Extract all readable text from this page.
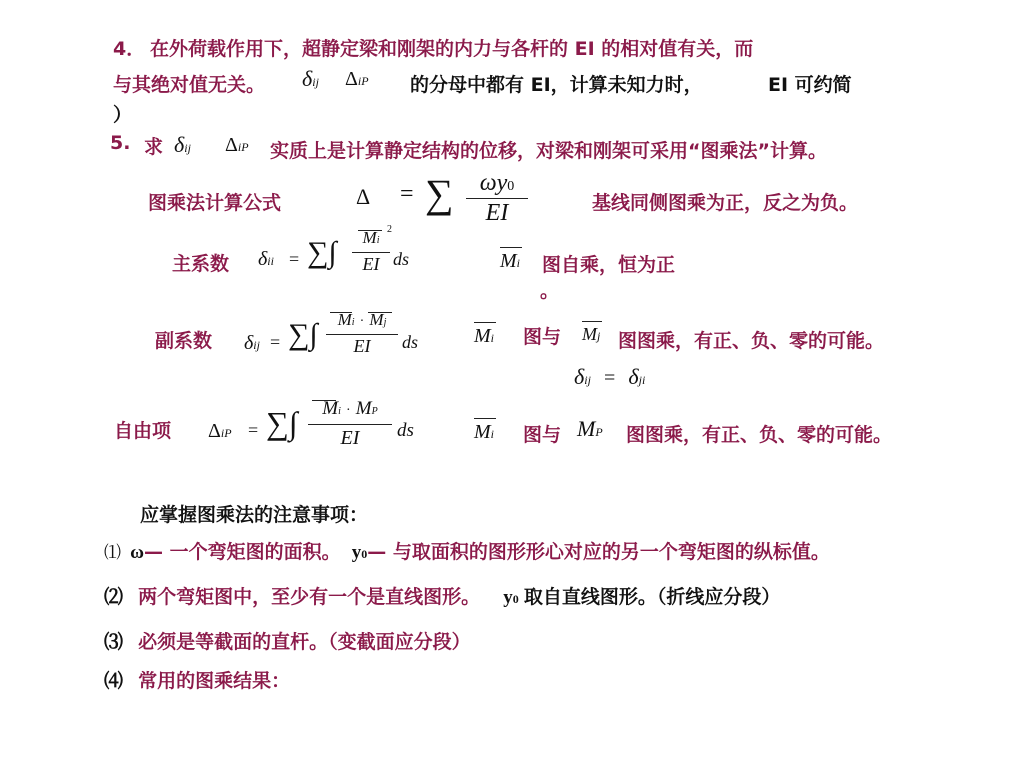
4． 在外荷载作用下，超静定梁和刚架的内力与各杆的 EI 的相对值有关，而
与其绝对值无关。 δij ΔiP 的分母中都有 EI，计算未知力时，	EI 可约简
）
5. 求 δij ΔiP 实质上是计算静定结构的位移，对梁和刚架可采用“图乘法”计算。
图乘法计算公式	Δ = ∑	ωy0
EI	基线同侧图乘为正，反之为负。
主系数 δii = ∑∫	Mi
2
EI ds	Mi 图自乘，恒为正
。
副系数 δij = ∑∫	Mi · Mj
EI	ds	Mi 图与 Mj 图图乘，有正、负、零的可能。
δij = δji
自由项 ΔiP = ∑∫	Mi · MP
EI	ds	Mi 图与 MP 图图乘，有正、负、零的可能。
应掌握图乘法的注意事项：
⑴ ω— 一个弯矩图的面积。 y0— 与取面积的图形形心对应的另一个弯矩图的纵标值。
⑵ 两个弯矩图中，至少有一个是直线图形。 y0 取自直线图形。（折线应分段）
⑶ 必须是等截面的直杆。（变截面应分段）
⑷ 常用的图乘结果：
